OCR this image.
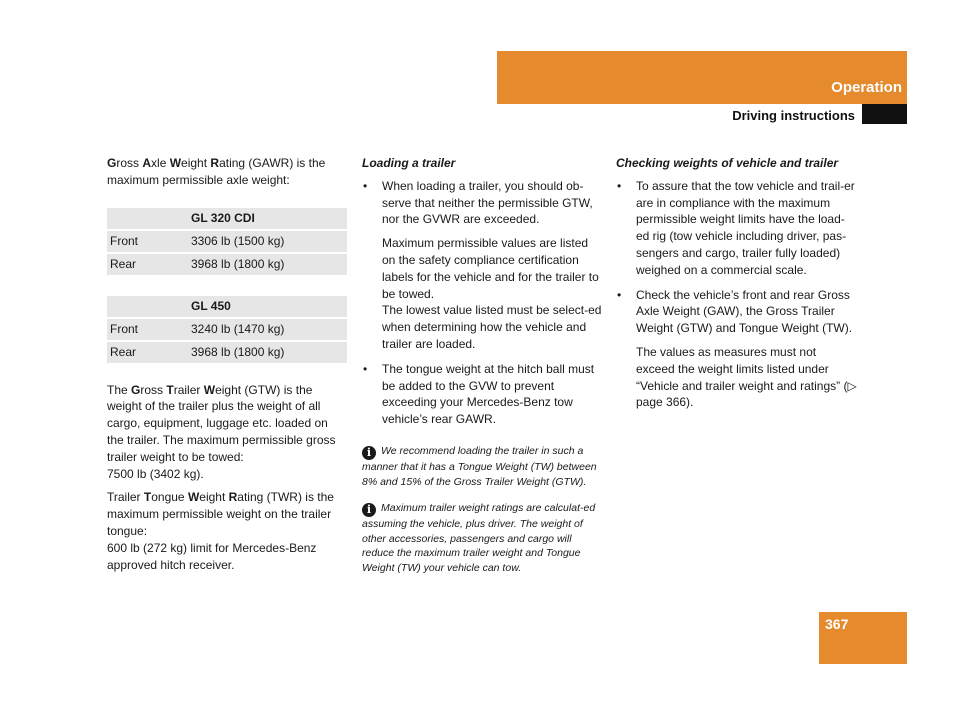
Operation
Driving instructions

Gross Axle Weight Rating (GAWR) is the maximum permissible axle weight:

	GL 320 CDI
Front	3306 lb (1500 kg)
Rear	3968 lb (1800 kg)
	GL 450
Front	3240 lb (1470 kg)
Rear	3968 lb (1800 kg)

The Gross Trailer Weight (GTW) is the weight of the trailer plus the weight of all cargo, equipment, luggage etc. loaded on the trailer. The maximum permissible gross trailer weight to be towed:
7500 lb (3402 kg).

Trailer Tongue Weight Rating (TWR) is the maximum permissible weight on the trailer tongue:
600 lb (272 kg) limit for Mercedes-Benz approved hitch receiver.

Loading a trailer
• When loading a trailer, you should ob-serve that neither the permissible GTW, nor the GVWR are exceeded.

Maximum permissible values are listed on the safety compliance certification labels for the vehicle and for the trailer to be towed.
The lowest value listed must be select-ed when determining how the vehicle and trailer are loaded.

• The tongue weight at the hitch ball must be added to the GVW to prevent exceeding your Mercedes-Benz tow vehicle’s rear GAWR.

i We recommend loading the trailer in such a manner that it has a Tongue Weight (TW) between 8% and 15% of the Gross Trailer Weight (GTW).
i Maximum trailer weight ratings are calculat-ed assuming the vehicle, plus driver. The weight of other accessories, passengers and cargo will reduce the maximum trailer weight and Tongue Weight (TW) your vehicle can tow.
Checking weights of vehicle and trailer
• To assure that the tow vehicle and trail-er are in compliance with the maximum permissible weight limits have the load-ed rig (tow vehicle including driver, pas-sengers and cargo, trailer fully loaded) weighed on a commercial scale.

• Check the vehicle’s front and rear Gross Axle Weight (GAW), the Gross Trailer Weight (GTW) and Tongue Weight (TW).

The values as measures must not exceed the weight limits listed under “Vehicle and trailer weight and ratings” (▷ page 366).

367
